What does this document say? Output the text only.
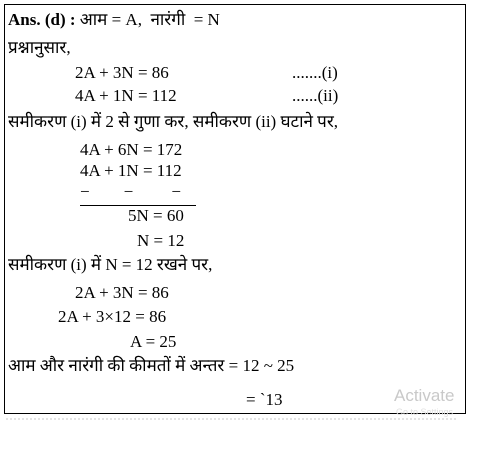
Ans. (d) : आम = A,  नारंगी  = N
प्रश्नानुसार,
2A + 3N = 86	.......(i)
4A + 1N = 112	......(ii)
समीकरण (i) में 2 से गुणा कर, समीकरण (ii) घटाने पर,
4A + 6N = 172
4A + 1N = 112
−        −         −
5N = 60
N = 12
समीकरण (i) में N = 12 रखने पर,
2A + 3N = 86
2A + 3×12 = 86
A = 25
आम और नारंगी की कीमतों में अन्तर = 12 ~ 25
= `13	Activate
Go to Settings
